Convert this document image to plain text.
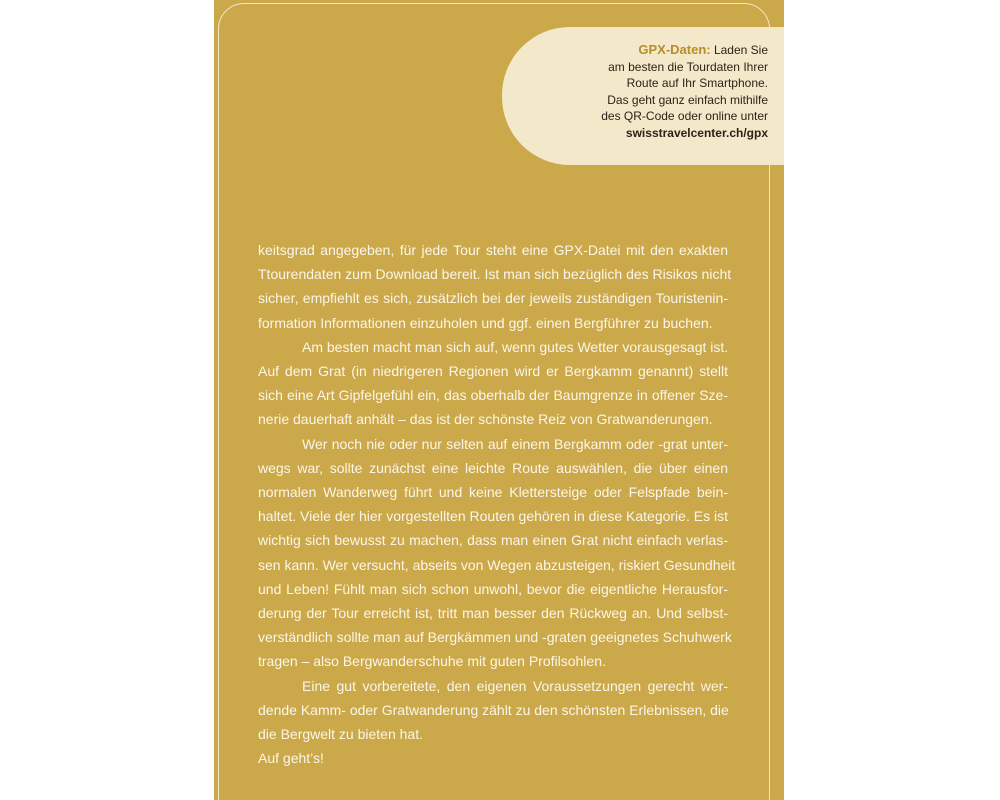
GPX-Daten: Laden Sie
am besten die Tourdaten Ihrer
Route auf Ihr Smartphone.
Das geht ganz einfach mithilfe
des QR-Code oder online unter
swisstravelcenter.ch/gpx
keitsgrad angegeben, für jede Tour steht eine GPX-Datei mit den exakten
Ttourendaten zum Download bereit. Ist man sich bezüglich des Risikos nicht
sicher, empfiehlt es sich, zusätzlich bei der jeweils zuständigen Touristenin-
formation Informationen einzuholen und ggf. einen Bergführer zu buchen.
Am besten macht man sich auf, wenn gutes Wetter vorausgesagt ist.
Auf dem Grat (in niedrigeren Regionen wird er Bergkamm genannt) stellt
sich eine Art Gipfelgefühl ein, das oberhalb der Baumgrenze in offener Sze-
nerie dauerhaft anhält – das ist der schönste Reiz von Gratwanderungen.
Wer noch nie oder nur selten auf einem Bergkamm oder -grat unter-
wegs war, sollte zunächst eine leichte Route auswählen, die über einen
normalen Wanderweg führt und keine Klettersteige oder Felspfade bein-
haltet. Viele der hier vorgestellten Routen gehören in diese Kategorie. Es ist
wichtig sich bewusst zu machen, dass man einen Grat nicht einfach verlas-
sen kann. Wer versucht, abseits von Wegen abzusteigen, riskiert Gesundheit
und Leben! Fühlt man sich schon unwohl, bevor die eigentliche Herausfor-
derung der Tour erreicht ist, tritt man besser den Rückweg an. Und selbst-
verständlich sollte man auf Bergkämmen und -graten geeignetes Schuhwerk
tragen – also Bergwanderschuhe mit guten Profilsohlen.
Eine gut vorbereitete, den eigenen Voraussetzungen gerecht wer-
dende Kamm- oder Gratwanderung zählt zu den schönsten Erlebnissen, die
die Bergwelt zu bieten hat.
Auf geht’s!
